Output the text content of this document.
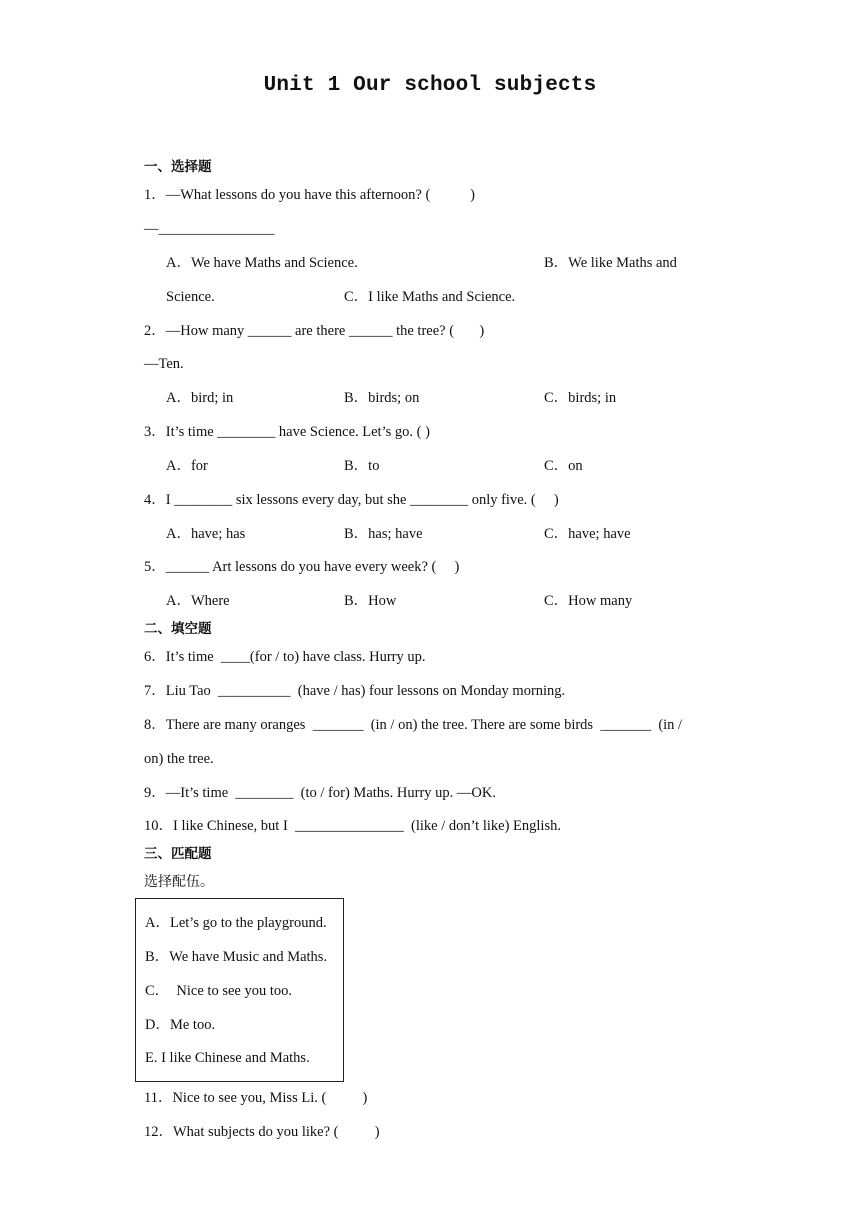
Unit 1 Our school subjects
一、选择题
1．—What lessons do you have this afternoon? (           )
—________________
A．We have Maths and Science.	B．We like Maths and
Science.	C．I like Maths and Science.
2．—How many ______ are there ______ the tree? (       )
—Ten.
A．bird; in	B．birds; on	C．birds; in
3．It’s time ________ have Science. Let’s go. ( )
A．for	B．to	C．on
4．I ________ six lessons every day, but she ________ only five. (     )
A．have; has	B．has; have	C．have; have
5．______ Art lessons do you have every week? (     )
A．Where	B．How	C．How many
二、填空题
6．It’s time  ____(for / to) have class. Hurry up.
7．Liu Tao  __________  (have / has) four lessons on Monday morning.
8．There are many oranges  _______  (in / on) the tree. There are some birds  _______  (in /
on) the tree.
9．—It’s time  ________  (to / for) Maths. Hurry up. —OK.
10．I like Chinese, but I  _______________  (like / don’t like) English.
三、匹配题
选择配伍。
A．Let’s go to the playground.
B．We have Music and Maths.
C．  Nice to see you too.
D．Me too.
E. I like Chinese and Maths.
11．Nice to see you, Miss Li. (          )
12．What subjects do you like? (          )
